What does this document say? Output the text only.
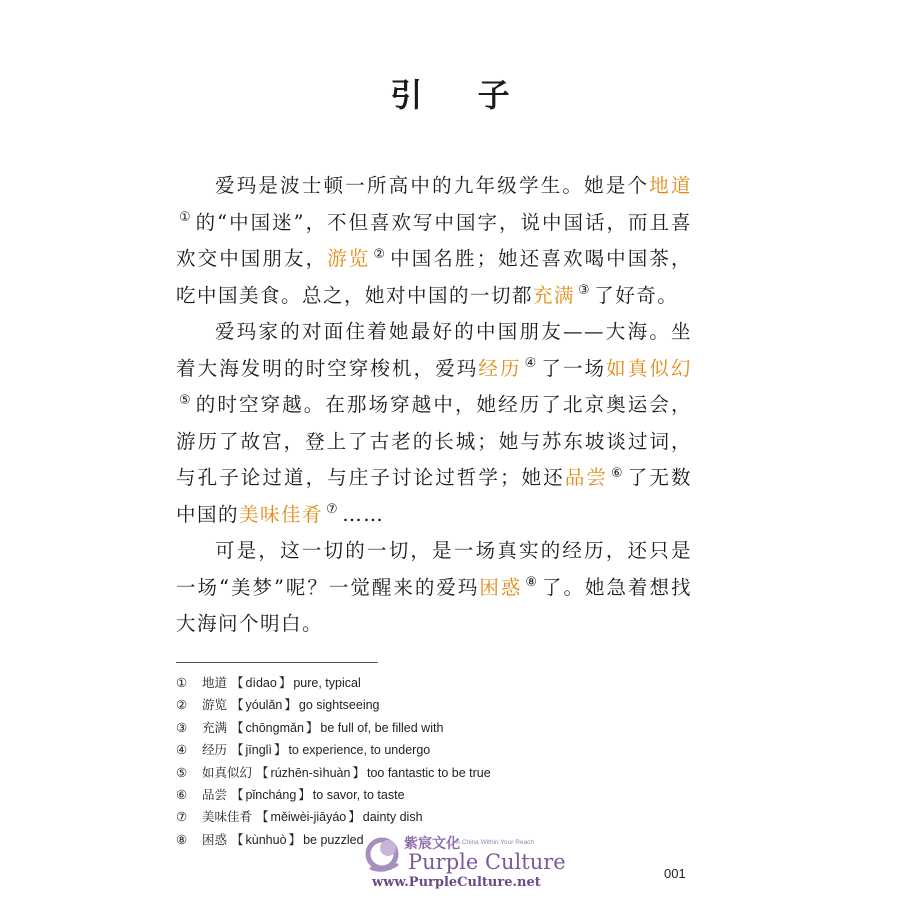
引 子

爱玛是波士顿一所高中的九年级学生。她是个地道① 的“中国迷”，不但喜欢写中国字，说中国话，而且喜欢交中国朋友，游览 ② 中国名胜；她还喜欢喝中国茶，吃中国美食。总之，她对中国的一切都充满 ③ 了好奇。

爱玛家的对面住着她最好的中国朋友——大海。坐着大海发明的时空穿梭机，爱玛经历 ④ 了一场如真似幻⑤ 的时空穿越。在那场穿越中，她经历了北京奥运会，游历了故宫，登上了古老的长城；她与苏东坡谈过词，与孔子论过道，与庄子讨论过哲学；她还品尝 ⑥ 了无数中国的美味佳肴 ⑦ ……

可是，这一切的一切，是一场真实的经历，还只是一场“美梦”呢？一觉醒来的爱玛困惑 ⑧ 了。她急着想找大海问个明白。

① 地道 【 dìdao 】 pure, typical
② 游览 【 yóulǎn 】 go sightseeing
③ 充满 【 chōngmǎn 】 be full of, be filled with
④ 经历 【 jīnglì 】 to experience, to undergo
⑤ 如真似幻 【 rúzhēn-sìhuàn 】 too fantastic to be true
⑥ 品尝 【 pǐncháng 】 to savor, to taste
⑦ 美味佳肴 【 měiwèi-jiāyáo 】 dainty dish
⑧ 困惑 【 kùnhuò 】 be puzzled	紫宸文化
A China Within Your Reach
Purple Culture
www.PurpleCulture.net
001
